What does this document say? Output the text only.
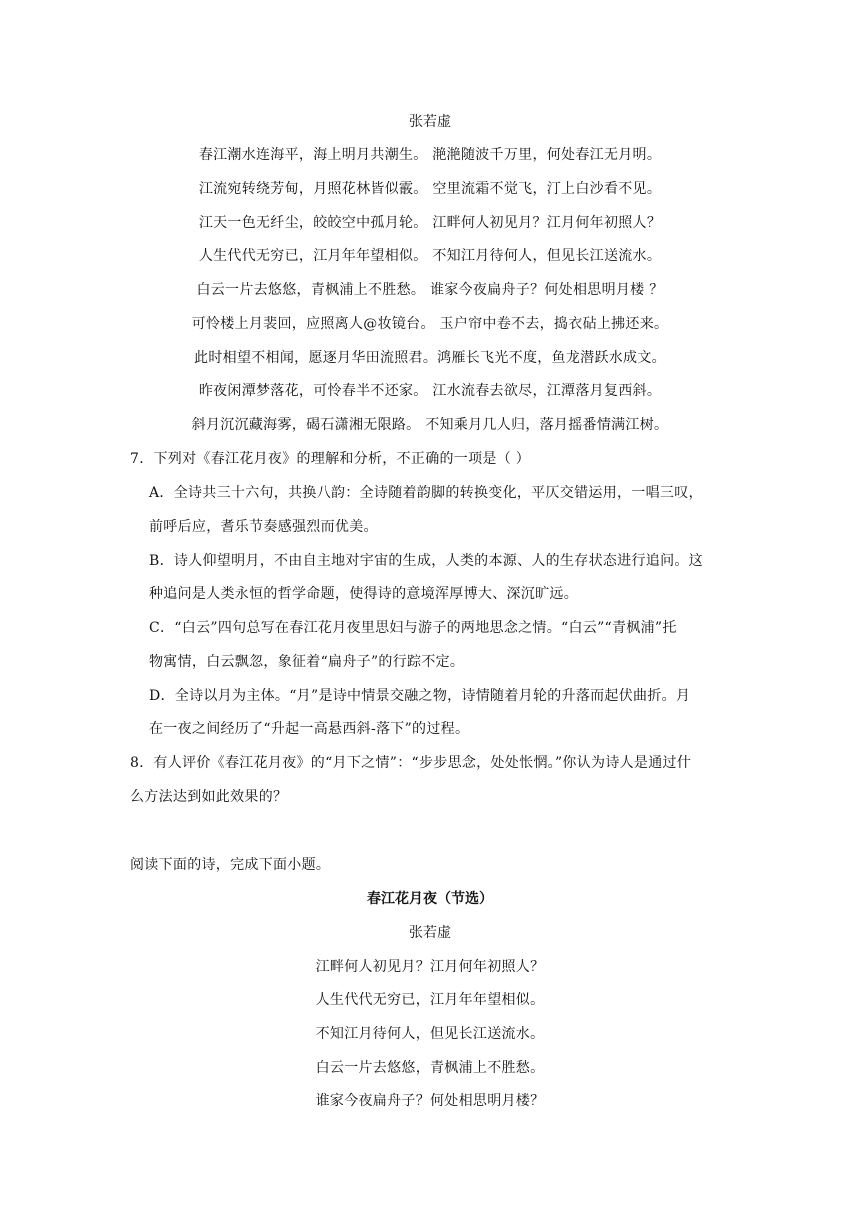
张若虚
春江潮水连海平，海上明月共潮生。 滟滟随波千万里，何处春江无月明。
江流宛转绕芳甸，月照花林皆似霰。 空里流霜不觉飞，汀上白沙看不见。
江天一色无纤尘，皎皎空中孤月轮。 江畔何人初见月？江月何年初照人？
人生代代无穷已，江月年年望相似。 不知江月待何人，但见长江送流水。
白云一片去悠悠，青枫浦上不胜愁。 谁家今夜扁舟子？何处相思明月楼 ？
可怜楼上月裴回，应照离人@妆镜台。 玉户帘中卷不去，捣衣砧上拂还来。
此时相望不相闻，愿逐月华田流照君。鸿雁长飞光不度，鱼龙潜跃水成文。
昨夜闲潭梦落花，可怜春半不还家。 江水流春去欲尽，江潭落月复西斜。
斜月沉沉藏海雾，碣石潇湘无限路。 不知乘月几人归，落月摇番情满江树。
7．下列对《春江花月夜》的理解和分析，不正确的一项是（ ）
A．全诗共三十六句，共换八韵：全诗随着韵脚的转换变化，平仄交错运用，一唱三叹，
前呼后应，耆乐节奏感强烈而优美。
B．诗人仰望明月，不由自主地对宇宙的生成，人类的本源、人的生存状态进行追问。这
种追问是人类永恒的哲学命题，使得诗的意境浑厚博大、深沉旷远。
C．“白云”四句总写在春江花月夜里思妇与游子的两地思念之情。“白云”“青枫浦”托
物寓情，白云飘忽，象征着“扁舟子”的行踪不定。
D．全诗以月为主体。“月”是诗中情景交融之物，诗情随着月轮的升落而起伏曲折。月
在一夜之间经历了“升起一高悬西斜-落下”的过程。
8．有人评价《春江花月夜》的“月下之情”：“步步思念，处处怅惘。”你认为诗人是通过什
么方法达到如此效果的？
阅读下面的诗，完成下面小题。
春江花月夜（节选）
张若虚
江畔何人初见月？江月何年初照人？
人生代代无穷已，江月年年望相似。
不知江月待何人，但见长江送流水。
白云一片去悠悠，青枫浦上不胜愁。
谁家今夜扁舟子？何处相思明月楼？
